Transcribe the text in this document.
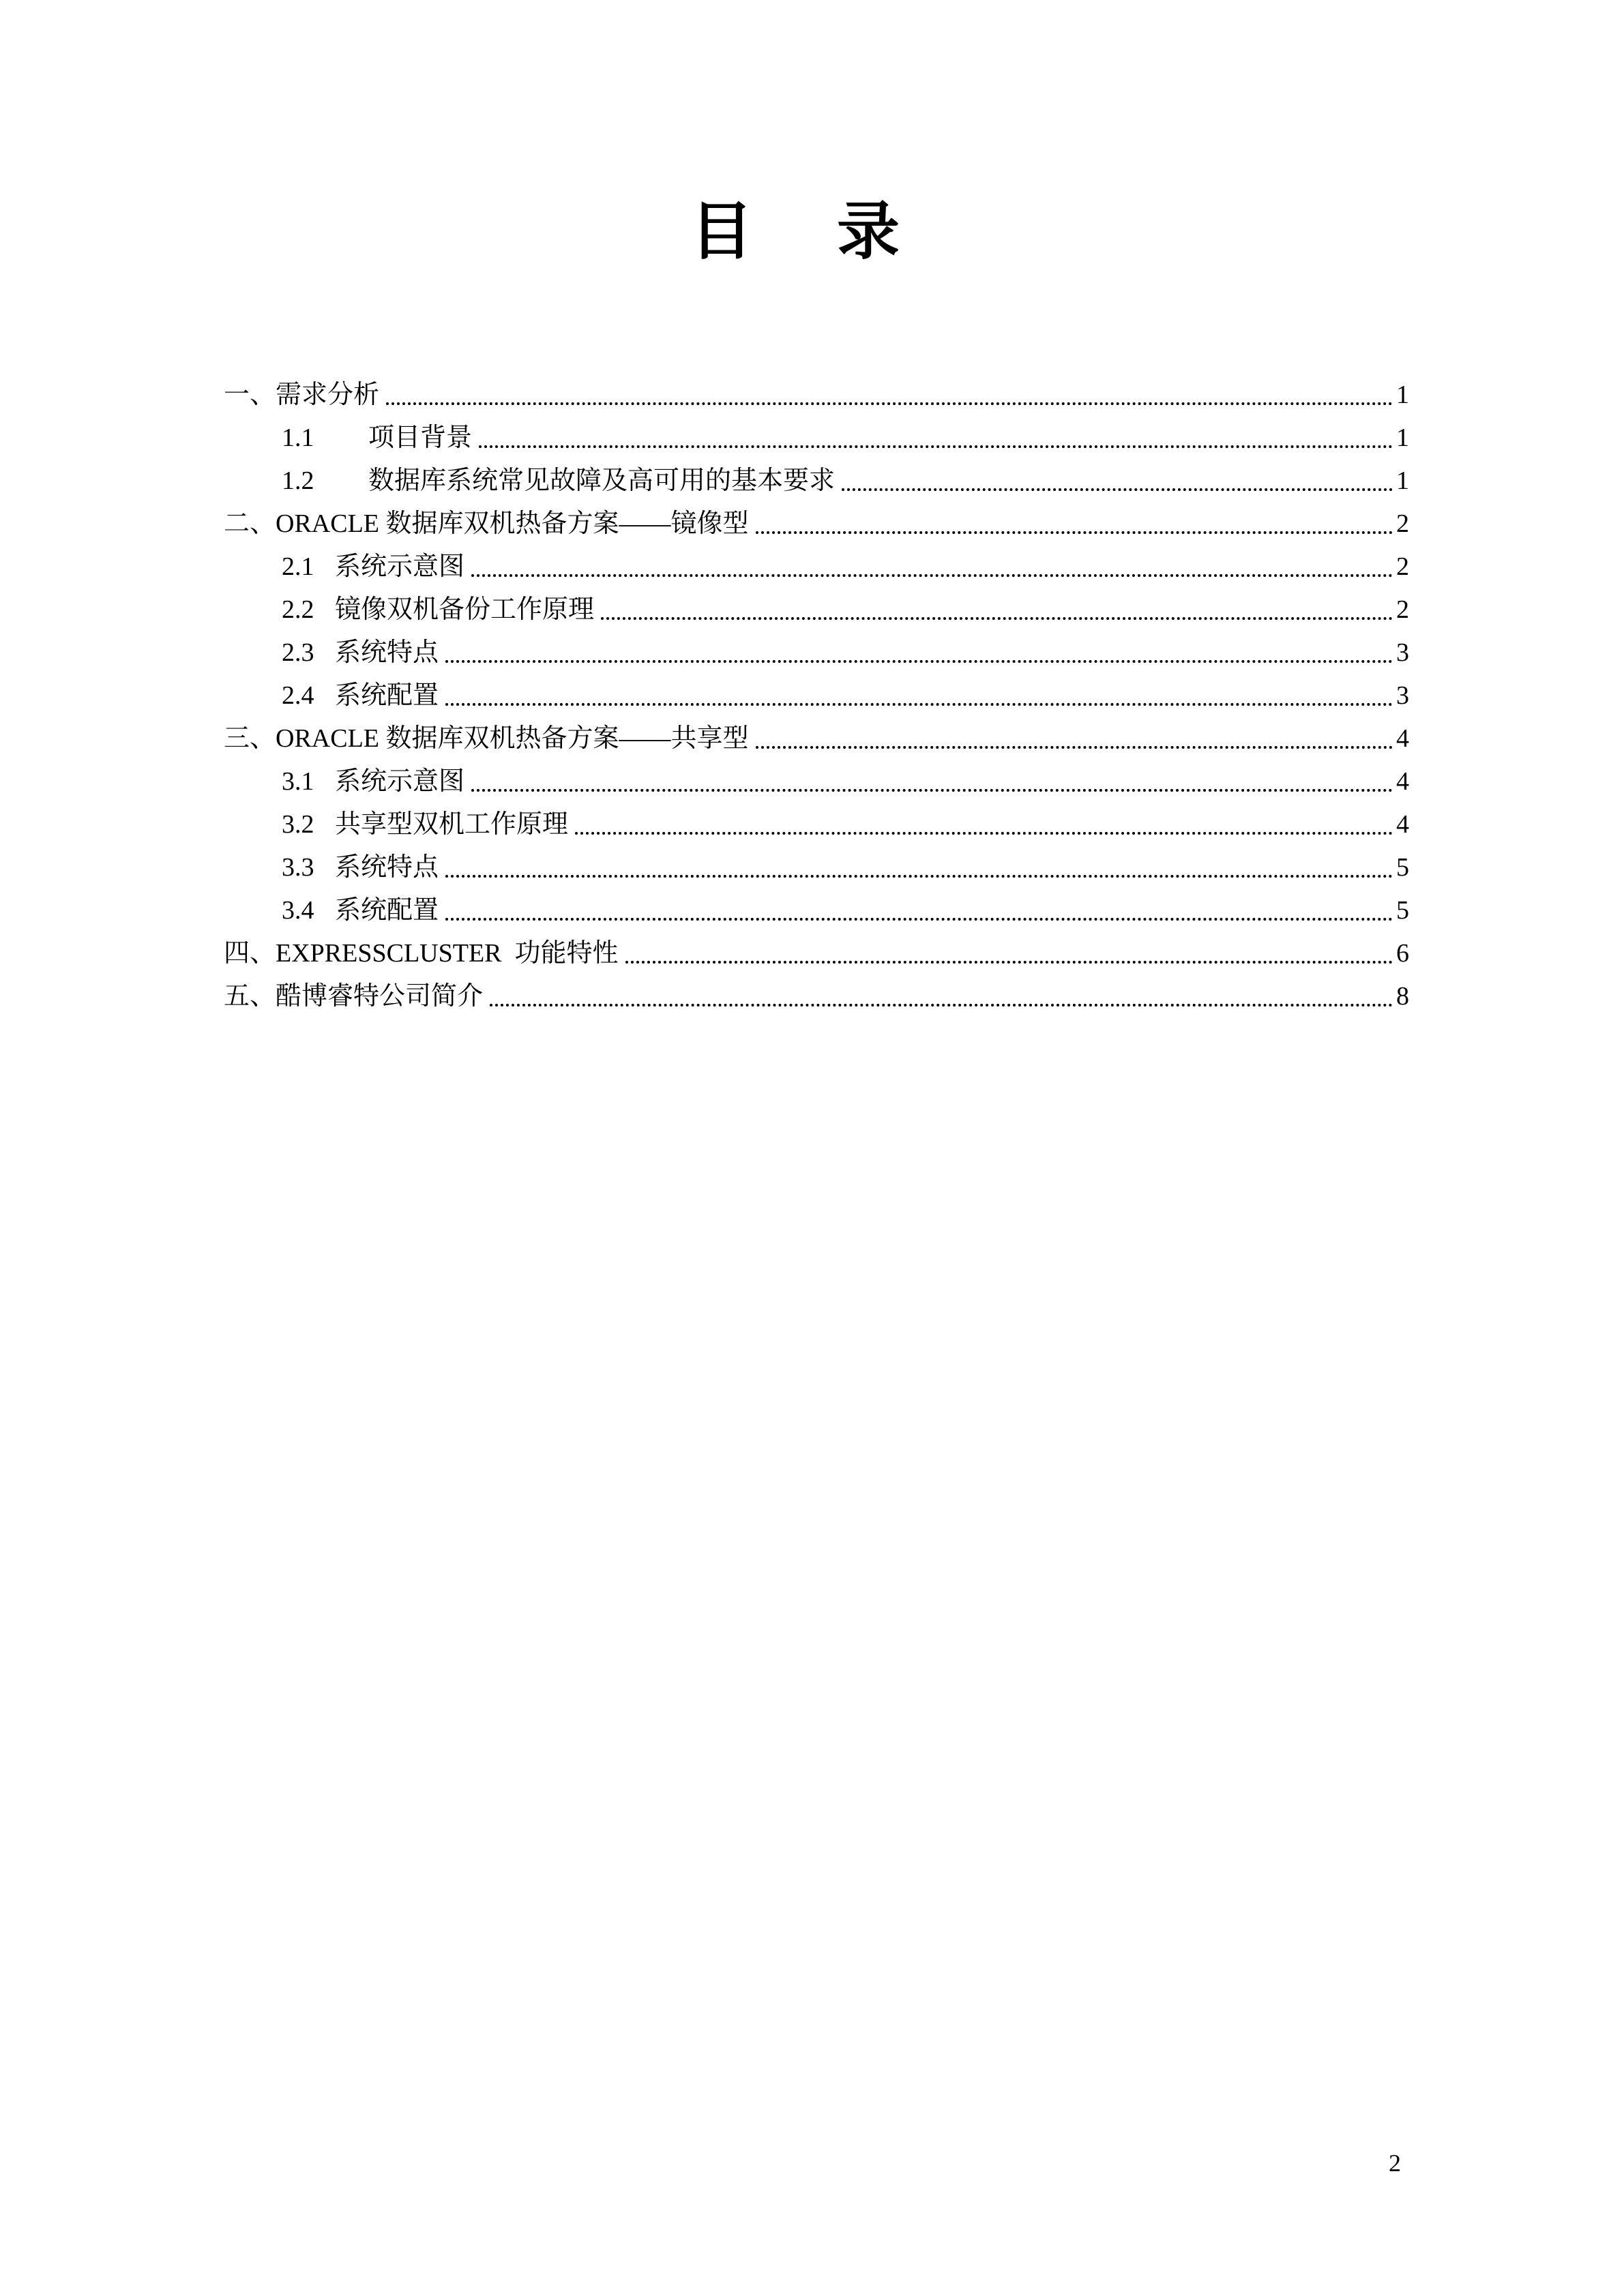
目 录
一、需求分析	1
1.1	项目背景	1
1.2	数据库系统常见故障及高可用的基本要求	1
二、ORACLE 数据库双机热备方案——镜像型	2
2.1 系统示意图	2
2.2 镜像双机备份工作原理	2
2.3 系统特点	3
2.4 系统配置	3
三、ORACLE 数据库双机热备方案——共享型	4
3.1 系统示意图	4
3.2 共享型双机工作原理	4
3.3 系统特点	5
3.4 系统配置	5
四、EXPRESSCLUSTER  功能特性	6
五、酷博睿特公司简介	8
2
